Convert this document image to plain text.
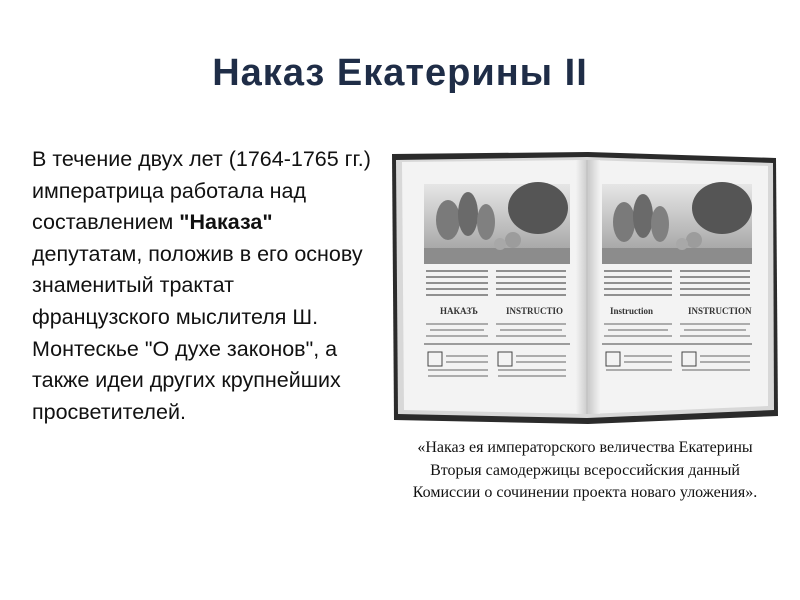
Наказ Екатерины II
В течение двух лет (1764-1765 гг.) императрица работала над составлением "Наказа" депутатам, положив в его основу знаменитый трактат французского мыслителя Ш. Монтескье "О духе законов", а также идеи других крупнейших просветителей.
НАКАЗЪ	INSTRUCTIO	Instruction	INSTRUCTION
«Наказ ея императорского величества Екатерины Вторыя самодержицы всероссийския данный Комиссии о сочинении проекта новаго уложения».
